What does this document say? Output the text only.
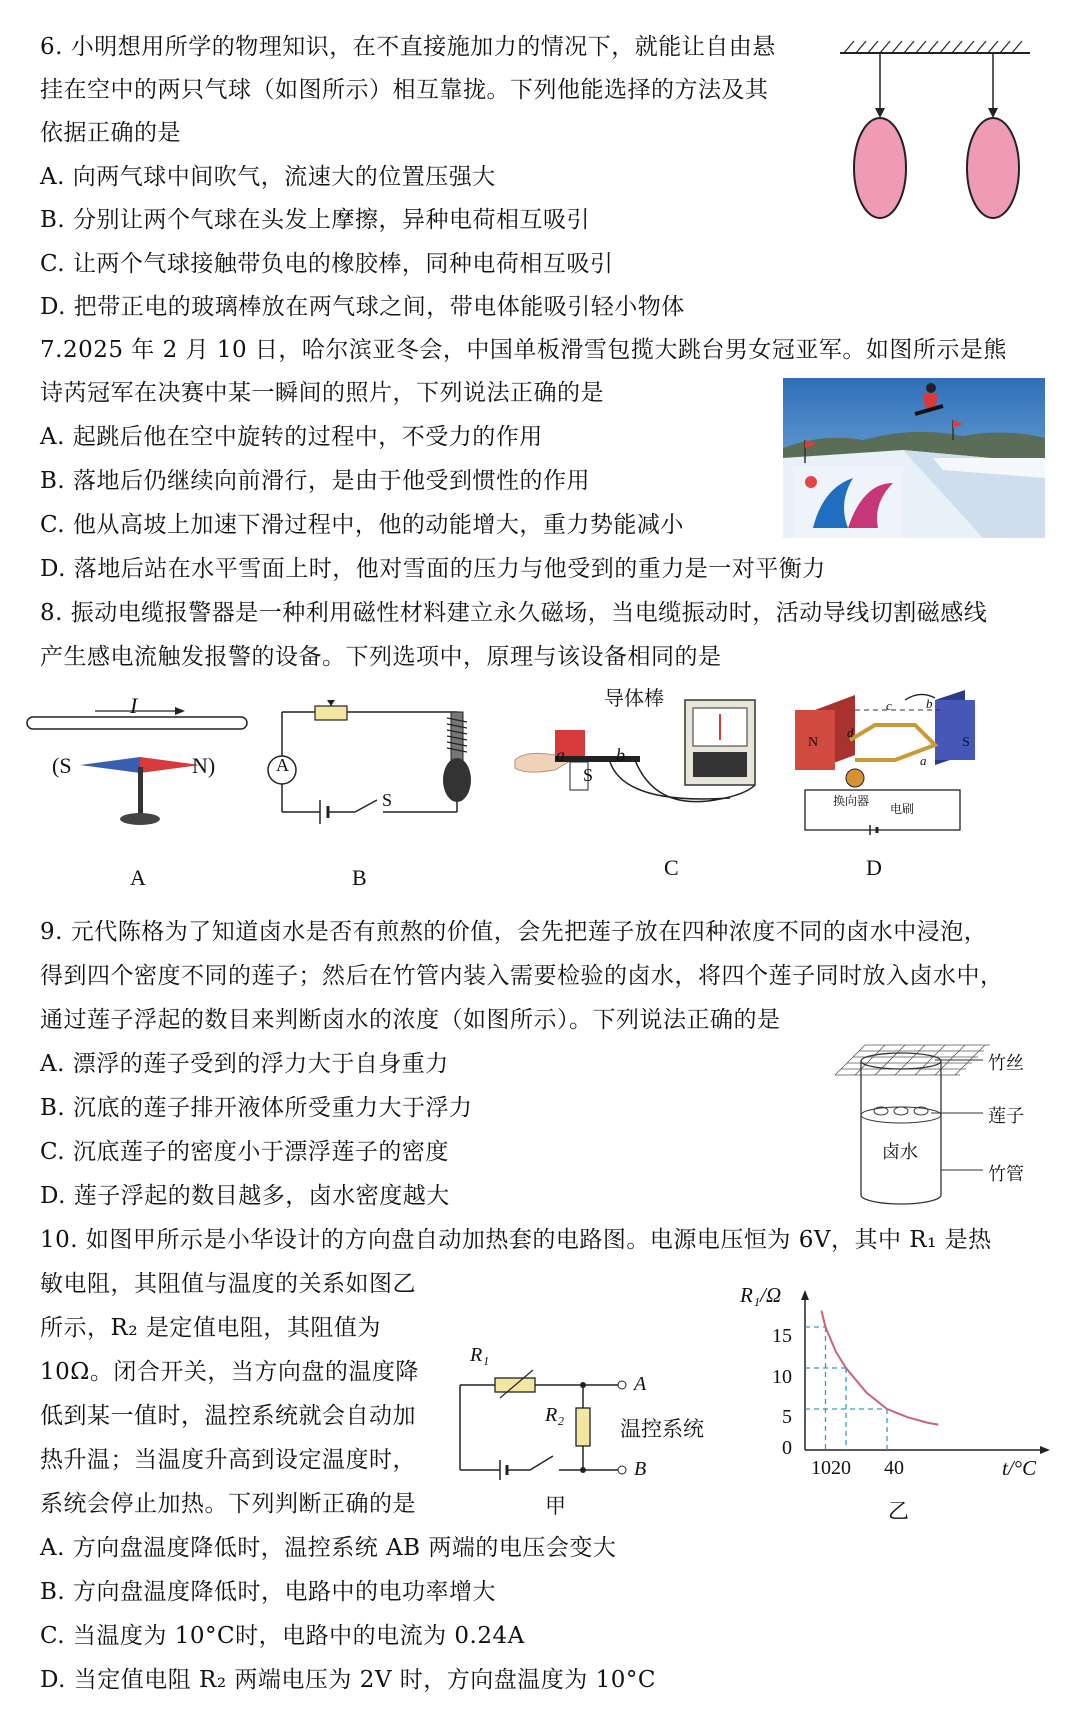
6. 小明想用所学的物理知识，在不直接施加力的情况下，就能让自由悬
挂在空中的两只气球（如图所示）相互靠拢。下列他能选择的方法及其
依据正确的是
A. 向两气球中间吹气，流速大的位置压强大
B. 分别让两个气球在头发上摩擦，异种电荷相互吸引
C. 让两个气球接触带负电的橡胶棒，同种电荷相互吸引
D. 把带正电的玻璃棒放在两气球之间，带电体能吸引轻小物体
7.2025 年 2 月 10 日，哈尔滨亚冬会，中国单板滑雪包揽大跳台男女冠亚军。如图所示是熊
诗芮冠军在决赛中某一瞬间的照片，下列说法正确的是
A. 起跳后他在空中旋转的过程中，不受力的作用
B. 落地后仍继续向前滑行，是由于他受到惯性的作用
C. 他从高坡上加速下滑过程中，他的动能增大，重力势能减小
D. 落地后站在水平雪面上时，他对雪面的压力与他受到的重力是一对平衡力
8. 振动电缆报警器是一种利用磁性材料建立永久磁场，当电缆振动时，活动导线切割磁感线
产生感电流触发报警的设备。下列选项中，原理与该设备相同的是
I
(S	N)
A
A
S
B
导体棒
a	b
S
C
N	S
c
d
b
a
换向器
电刷
D
9. 元代陈格为了知道卤水是否有煎熬的价值，会先把莲子放在四种浓度不同的卤水中浸泡，
得到四个密度不同的莲子；然后在竹管内装入需要检验的卤水，将四个莲子同时放入卤水中，
通过莲子浮起的数目来判断卤水的浓度（如图所示）。下列说法正确的是
A. 漂浮的莲子受到的浮力大于自身重力
B. 沉底的莲子排开液体所受重力大于浮力
C. 沉底莲子的密度小于漂浮莲子的密度
D. 莲子浮起的数目越多，卤水密度越大
竹丝
莲子
卤水
竹管
10. 如图甲所示是小华设计的方向盘自动加热套的电路图。电源电压恒为 6V，其中 R₁ 是热
敏电阻，其阻值与温度的关系如图乙
所示，R₂ 是定值电阻，其阻值为
10Ω。闭合开关，当方向盘的温度降
低到某一值时，温控系统就会自动加
热升温；当温度升高到设定温度时，
系统会停止加热。下列判断正确的是
A. 方向盘温度降低时，温控系统 AB 两端的电压会变大
B. 方向盘温度降低时，电路中的电功率增大
C. 当温度为 10°C时，电路中的电流为 0.24A
D. 当定值电阻 R₂ 两端电压为 2V 时，方向盘温度为 10°C
R₁
R₂
A
B
温控系统
甲
R₁/Ω
t/°C
0
15
10
5
1020 40
乙
